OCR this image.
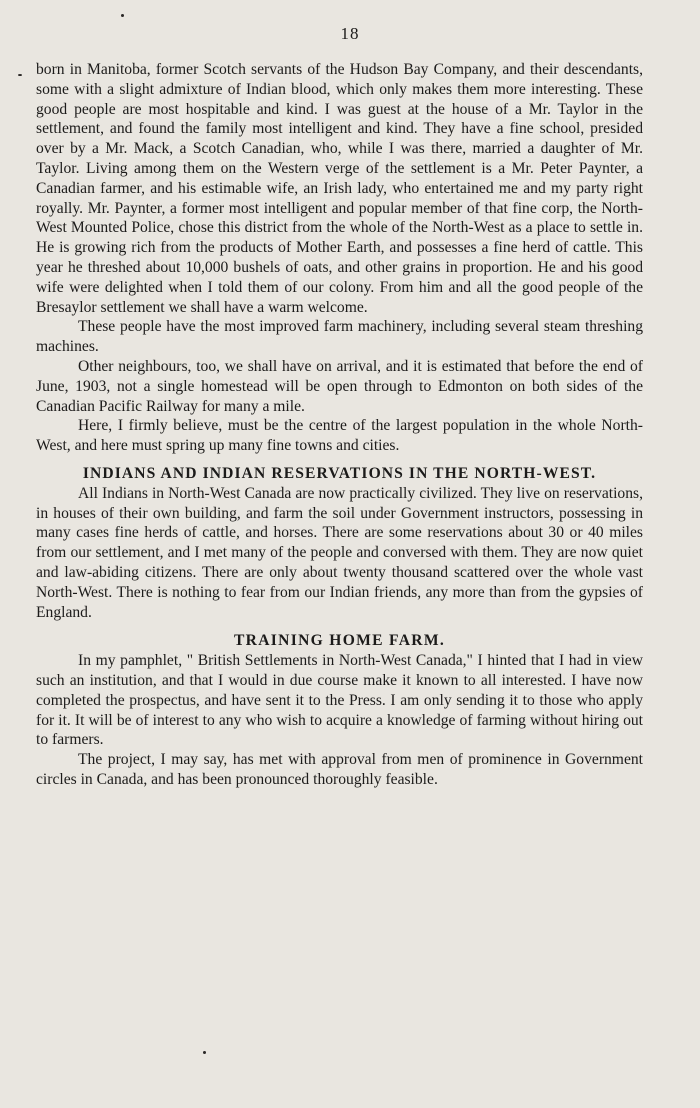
18

born in Manitoba, former Scotch servants of the Hudson Bay Company, and their descendants, some with a slight admixture of Indian blood, which only makes them more interesting. These good people are most hospitable and kind. I was guest at the house of a Mr. Taylor in the settlement, and found the family most intelligent and kind. They have a fine school, presided over by a Mr. Mack, a Scotch Canadian, who, while I was there, married a daughter of Mr. Taylor. Living among them on the Western verge of the settlement is a Mr. Peter Paynter, a Canadian farmer, and his estimable wife, an Irish lady, who entertained me and my party right royally. Mr. Paynter, a former most intelligent and popular member of that fine corp, the North-West Mounted Police, chose this district from the whole of the North-West as a place to settle in. He is growing rich from the products of Mother Earth, and possesses a fine herd of cattle. This year he threshed about 10,000 bushels of oats, and other grains in proportion. He and his good wife were delighted when I told them of our colony. From him and all the good people of the Bresaylor settlement we shall have a warm welcome.

These people have the most improved farm machinery, including several steam threshing machines.

Other neighbours, too, we shall have on arrival, and it is estimated that before the end of June, 1903, not a single homestead will be open through to Edmonton on both sides of the Canadian Pacific Railway for many a mile.

Here, I firmly believe, must be the centre of the largest population in the whole North-West, and here must spring up many fine towns and cities.

INDIANS AND INDIAN RESERVATIONS IN THE NORTH-WEST.

All Indians in North-West Canada are now practically civilized. They live on reservations, in houses of their own building, and farm the soil under Government instructors, possessing in many cases fine herds of cattle, and horses. There are some reservations about 30 or 40 miles from our settlement, and I met many of the people and conversed with them. They are now quiet and law-abiding citizens. There are only about twenty thousand scattered over the whole vast North-West. There is nothing to fear from our Indian friends, any more than from the gypsies of England.

TRAINING HOME FARM.

In my pamphlet, " British Settlements in North-West Canada," I hinted that I had in view such an institution, and that I would in due course make it known to all interested. I have now completed the prospectus, and have sent it to the Press. I am only sending it to those who apply for it. It will be of interest to any who wish to acquire a knowledge of farming without hiring out to farmers.

The project, I may say, has met with approval from men of prominence in Government circles in Canada, and has been pronounced thoroughly feasible.
